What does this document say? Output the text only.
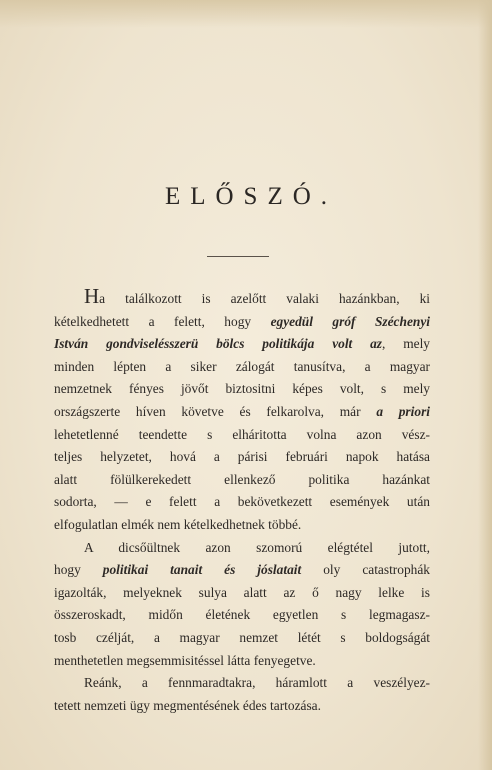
ELŐSZÓ.
Ha találkozott is azelőtt valaki hazánkban, ki
kételkedhetett a felett, hogy egyedül gróf Széchenyi
István gondviselésszerü bölcs politikája volt az, mely
minden lépten a siker zálogát tanusítva, a magyar
nemzetnek fényes jövőt biztositni képes volt, s mely
országszerte híven követve és felkarolva, már a priori
lehetetlenné teendette s elháritotta volna azon vész-
teljes helyzetet, hová a párisi februári napok hatása
alatt fölülkerekedett ellenkező politika hazánkat
sodorta, — e felett a bekövetkezett események után
elfogulatlan elmék nem kételkedhetnek többé.
A dicsőültnek azon szomorú elégtétel jutott,
hogy politikai tanait és jóslatait oly catastrophák
igazolták, melyeknek sulya alatt az ő nagy lelke is
összeroskadt, midőn életének egyetlen s legmagasz-
tosb czélját, a magyar nemzet létét s boldogságát
menthetetlen megsemmisitéssel látta fenyegetve.
Reánk, a fennmaradtakra, háramlott a veszélyez-
tetett nemzeti ügy megmentésének édes tartozása.
